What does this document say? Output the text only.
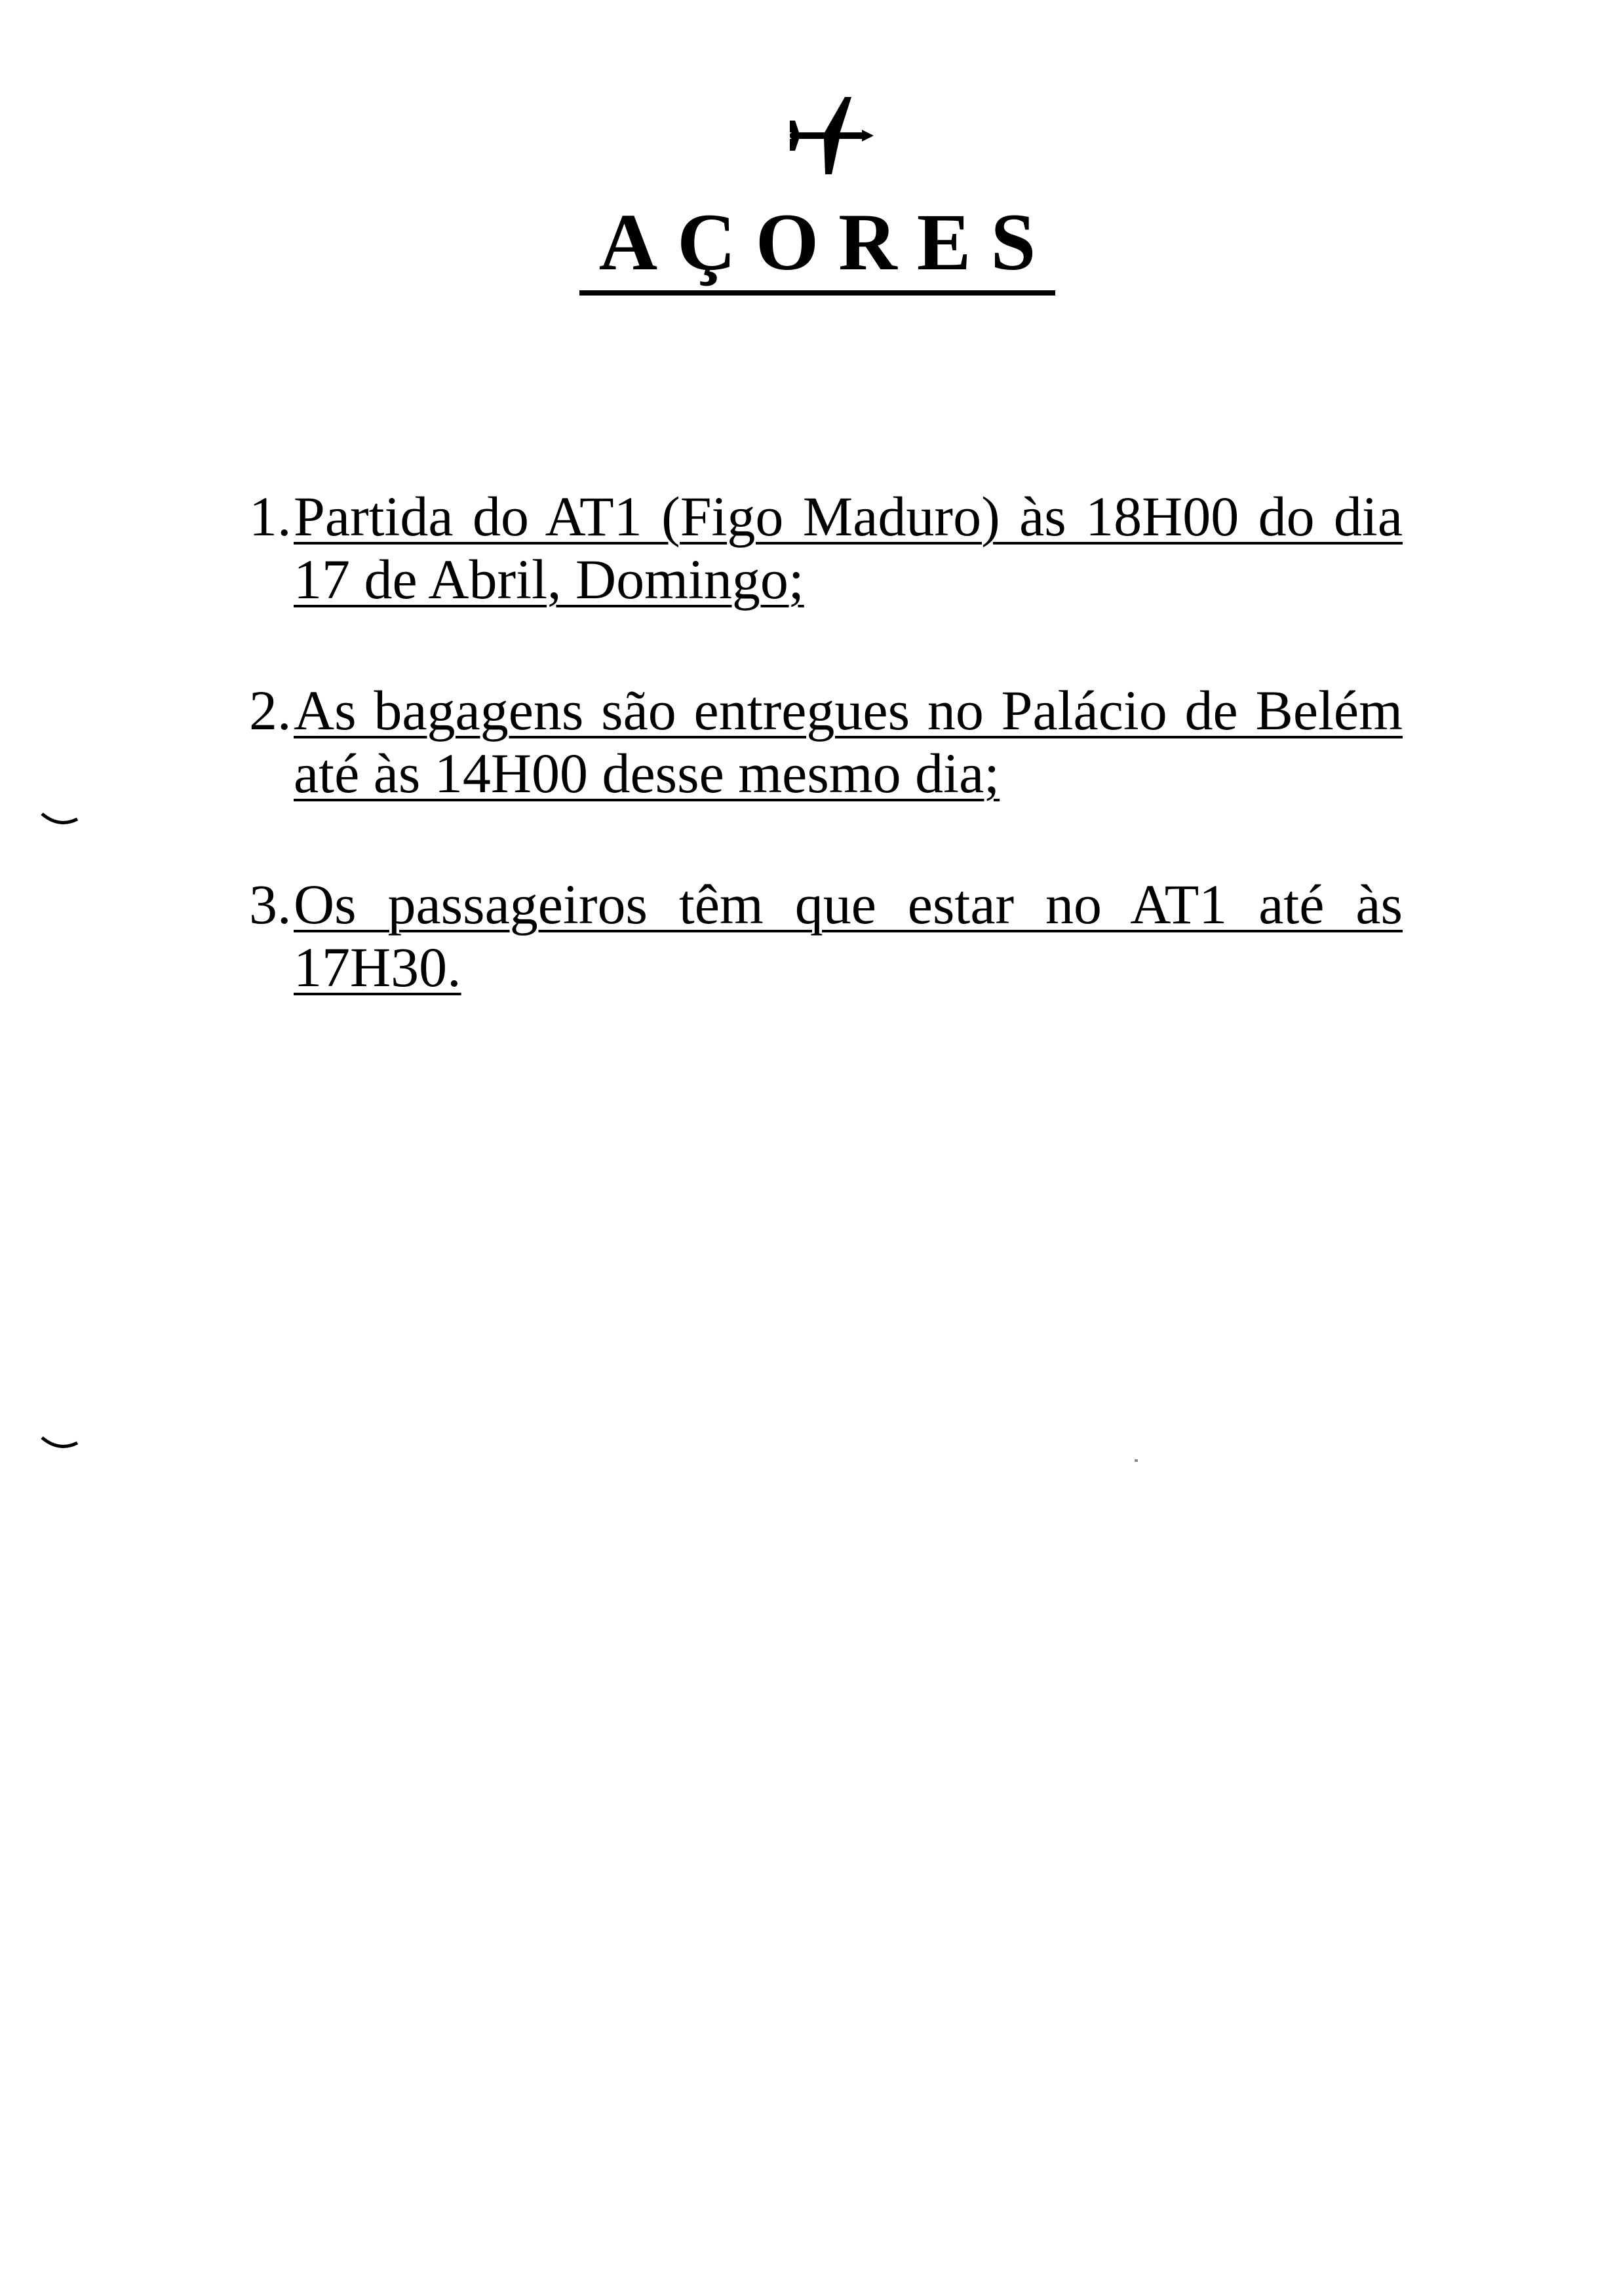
AÇORES
1. Partida do AT1 (Figo Maduro) às 18H00 do dia 17 de Abril, Domingo;
2. As bagagens são entregues no Palácio de Belém até às 14H00 desse mesmo dia;
3. Os passageiros têm que estar no AT1 até às 17H30.
